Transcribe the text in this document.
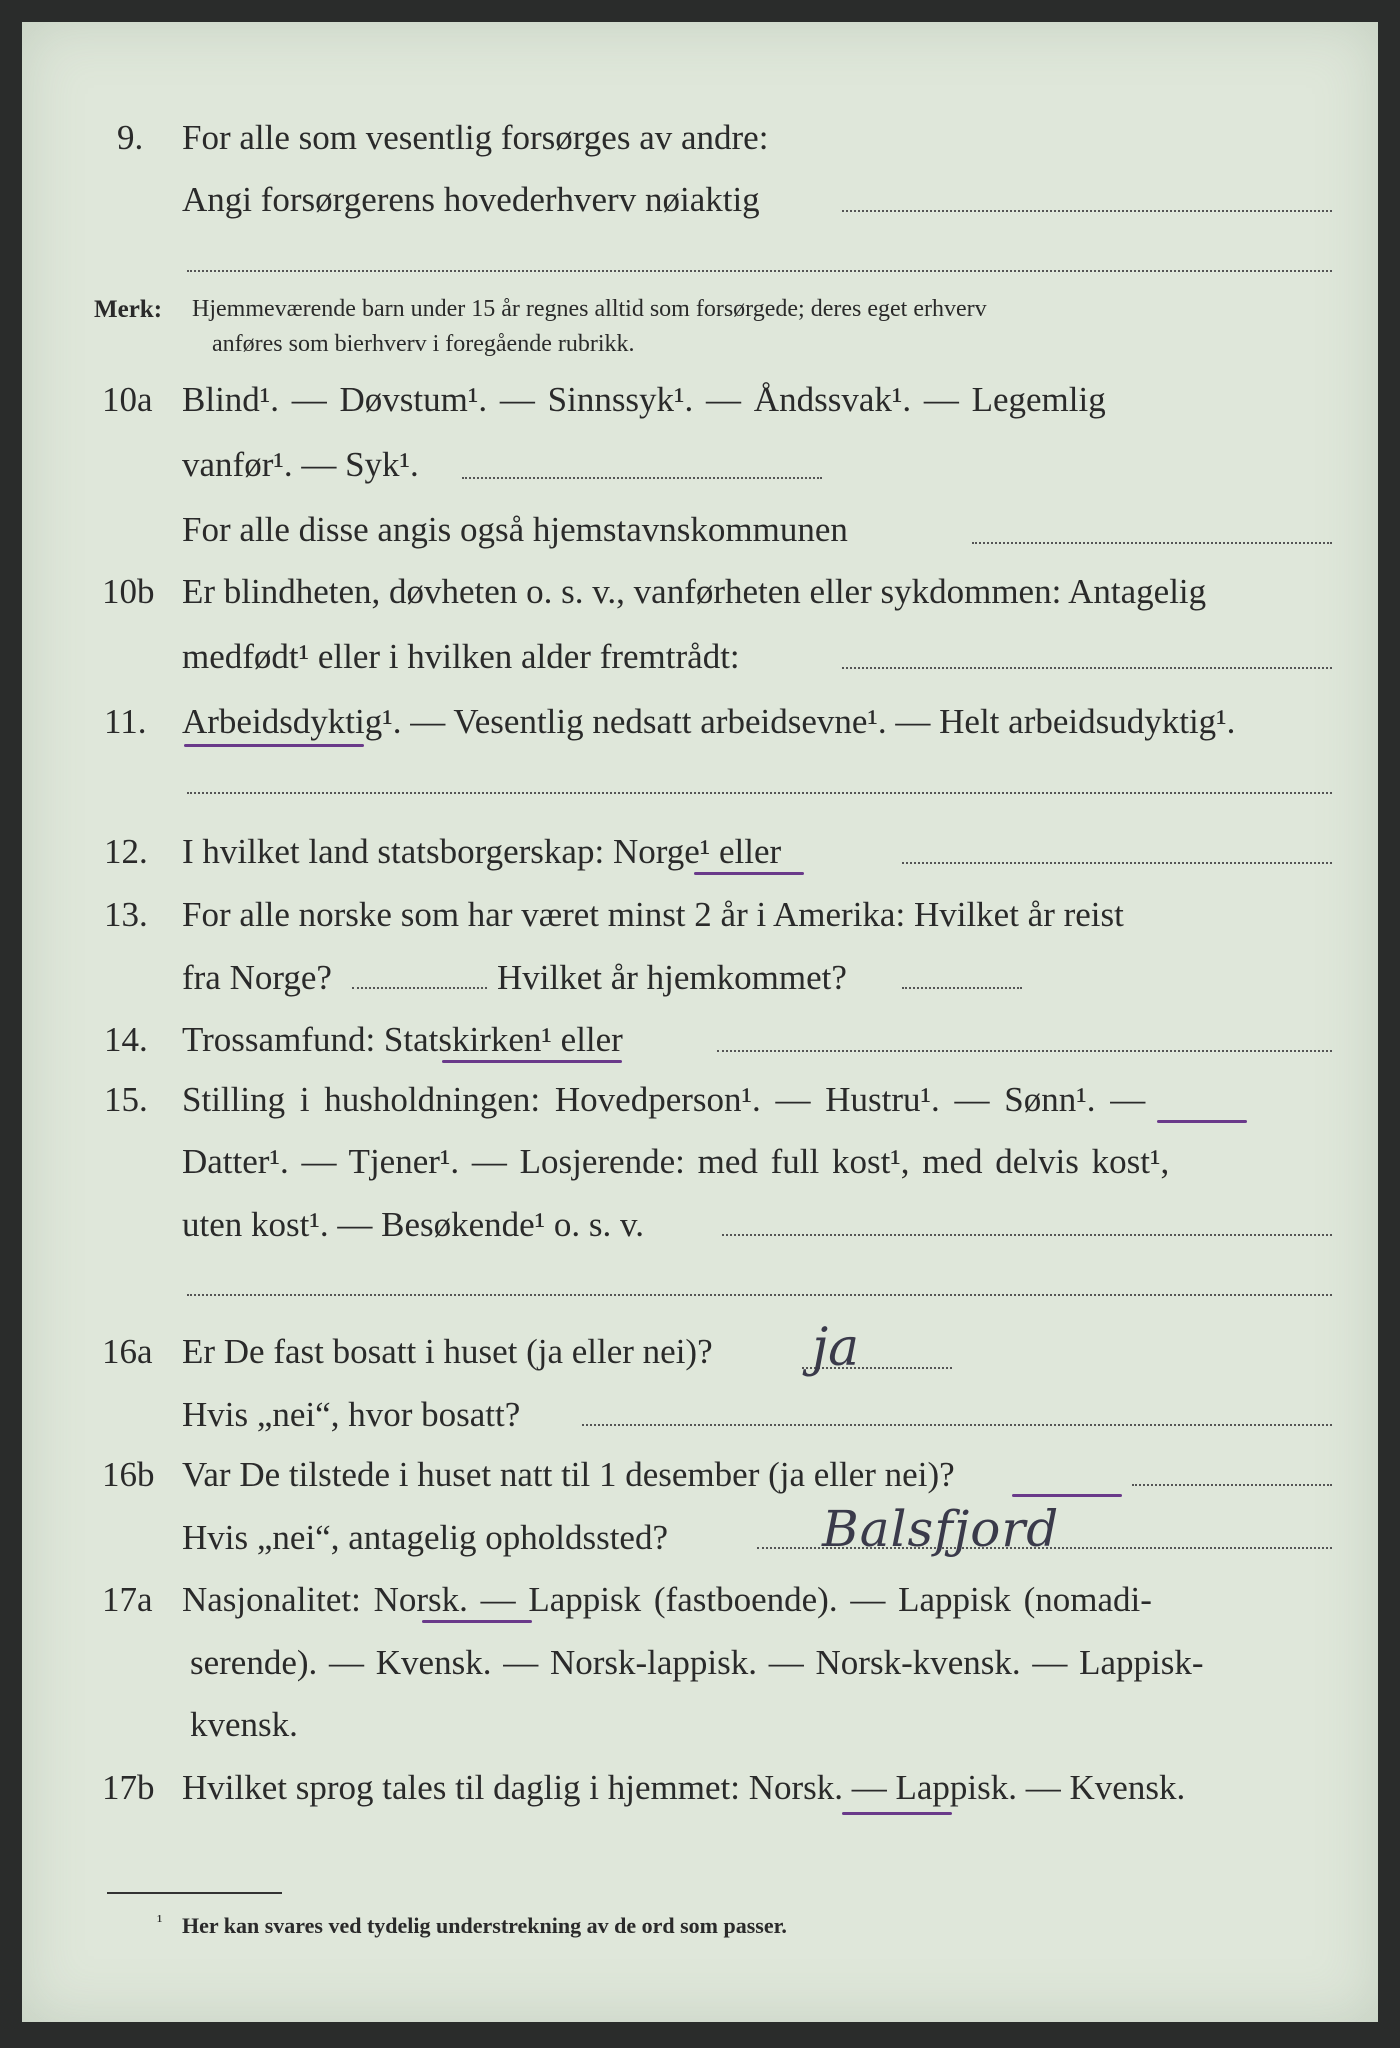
9. For alle som vesentlig forsørges av andre:
Angi forsørgerens hovederhverv nøiaktig
Merk: Hjemmeværende barn under 15 år regnes alltid som forsørgede; deres eget erhverv
anføres som bierhverv i foregående rubrikk.
10a Blind¹. — Døvstum¹. — Sinnssyk¹. — Åndssvak¹. — Legemlig
vanfør¹. — Syk¹.
For alle disse angis også hjemstavnskommunen
10b Er blindheten, døvheten o. s. v., vanførheten eller sykdommen: Antagelig
medfødt¹ eller i hvilken alder fremtrådt:
11. Arbeidsdyktig¹. — Vesentlig nedsatt arbeidsevne¹. — Helt arbeidsudyktig¹.
12. I hvilket land statsborgerskap: Norge¹ eller
13. For alle norske som har været minst 2 år i Amerika: Hvilket år reist
fra Norge?	Hvilket år hjemkommet?
14. Trossamfund: Statskirken¹ eller
15. Stilling i husholdningen: Hovedperson¹. — Hustru¹. — Sønn¹. —
Datter¹. — Tjener¹. — Losjerende: med full kost¹, med delvis kost¹,
uten kost¹. — Besøkende¹ o. s. v.
16a Er De fast bosatt i huset (ja eller nei)? ja
Hvis „nei“, hvor bosatt?
16b Var De tilstede i huset natt til 1 desember (ja eller nei)?
Hvis „nei“, antagelig opholdssted?	Balsfjord
17a Nasjonalitet: Norsk. — Lappisk (fastboende). — Lappisk (nomadi-
serende). — Kvensk. — Norsk-lappisk. — Norsk-kvensk. — Lappisk-
kvensk.
17b Hvilket sprog tales til daglig i hjemmet: Norsk. — Lappisk. — Kvensk.
¹ Her kan svares ved tydelig understrekning av de ord som passer.
